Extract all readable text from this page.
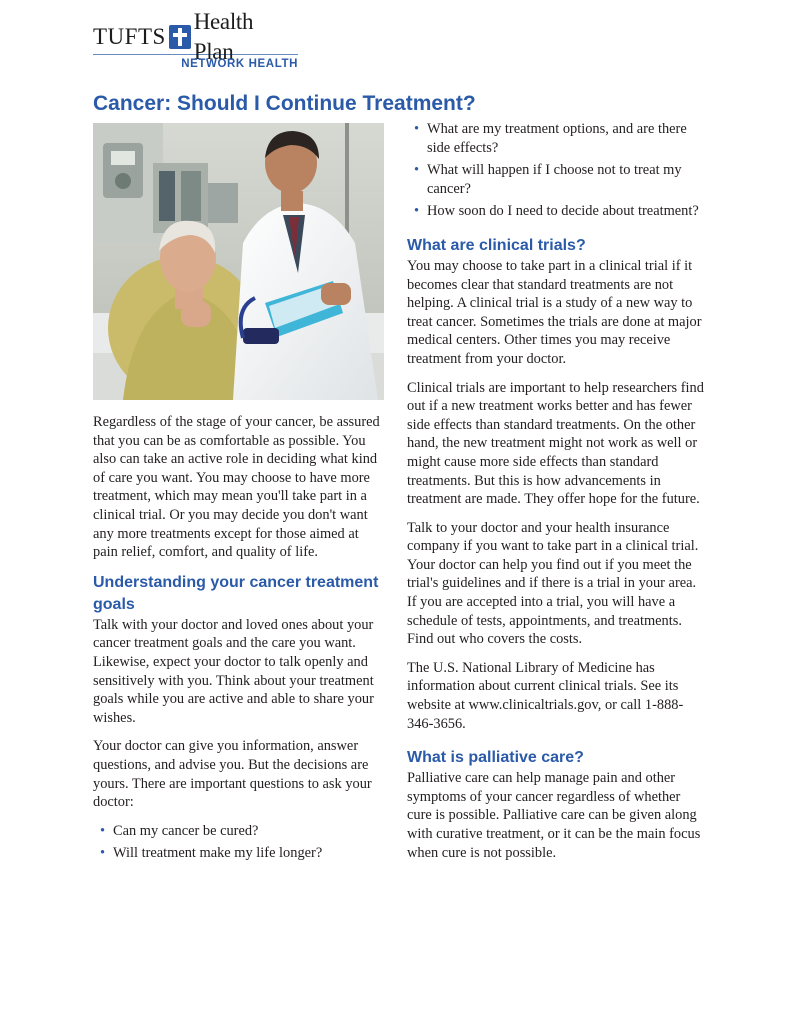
TUFTS
Health Plan
NETWORK HEALTH
Cancer: Should I Continue Treatment?

Regardless of the stage of your cancer, be assured that you can be as comfortable as possible. You also can take an active role in deciding what kind of care you want. You may choose to have more treatment, which may mean you'll take part in a clinical trial. Or you may decide you don't want any more treatments except for those aimed at pain relief, comfort, and quality of life.

Understanding your cancer treatment goals

Talk with your doctor and loved ones about your cancer treatment goals and the care you want. Likewise, expect your doctor to talk openly and sensitively with you. Think about your treatment goals while you are active and able to share your wishes.

Your doctor can give you information, answer questions, and advise you. But the decisions are yours. There are important questions to ask your doctor:

• Can my cancer be cured?
• Will treatment make my life longer?
• What are my treatment options, and are there side effects?
• What will happen if I choose not to treat my cancer?
• How soon do I need to decide about treatment?
What are clinical trials?

You may choose to take part in a clinical trial if it becomes clear that standard treatments are not helping. A clinical trial is a study of a new way to treat cancer. Sometimes the trials are done at major medical centers. Other times you may receive treatment from your doctor.

Clinical trials are important to help researchers find out if a new treatment works better and has fewer side effects than standard treatments. On the other hand, the new treatment might not work as well or might cause more side effects than standard treatments. But this is how advancements in treatment are made. They offer hope for the future.

Talk to your doctor and your health insurance company if you want to take part in a clinical trial. Your doctor can help you find out if you meet the trial's guidelines and if there is a trial in your area. If you are accepted into a trial, you will have a schedule of tests, appointments, and treatments. Find out who covers the costs.

The U.S. National Library of Medicine has information about current clinical trials. See its website at www.clinicaltrials.gov, or call 1-888-346-3656.

What is palliative care?

Palliative care can help manage pain and other symptoms of your cancer regardless of whether cure is possible. Palliative care can be given along with curative treatment, or it can be the main focus when cure is not possible.
